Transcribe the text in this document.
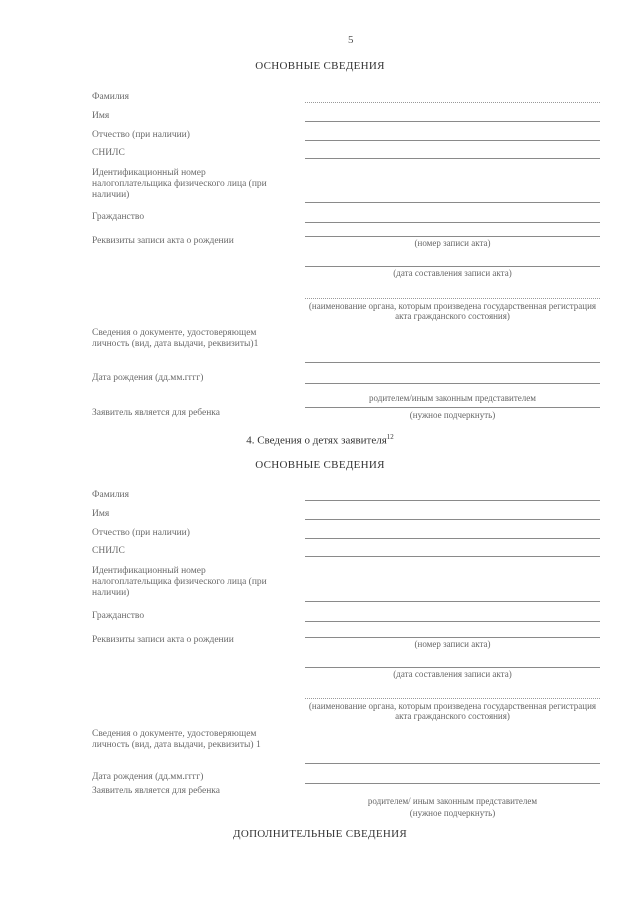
5
ОСНОВНЫЕ СВЕДЕНИЯ
Фамилия
Имя
Отчество (при наличии)
СНИЛС
Идентификационный номер налогоплательщика физического лица (при наличии)
Гражданство
Реквизиты записи акта о рождении	(номер записи акта)
(дата составления записи акта)
(наименование органа, которым произведена государственная регистрация акта гражданского состояния)
Сведения о документе, удостоверяющем личность (вид, дата выдачи, реквизиты)1
Дата рождения (дд.мм.гггг)
родителем/иным законным представителем
Заявитель является для ребенка	(нужное подчеркнуть)
4. Сведения о детях заявителя$^{12}$
ОСНОВНЫЕ СВЕДЕНИЯ
Фамилия
Имя
Отчество (при наличии)
СНИЛС
Идентификационный номер налогоплательщика физического лица (при наличии)
Гражданство
Реквизиты записи акта о рождении	(номер записи акта)
(дата составления записи акта)
(наименование органа, которым произведена государственная регистрация акта гражданского состояния)
Сведения о документе, удостоверяющем личность (вид, дата выдачи, реквизиты) 1
Дата рождения (дд.мм.гггг)
Заявитель является для ребенка
родителем/ иным законным представителем
(нужное подчеркнуть)
ДОПОЛНИТЕЛЬНЫЕ СВЕДЕНИЯ
